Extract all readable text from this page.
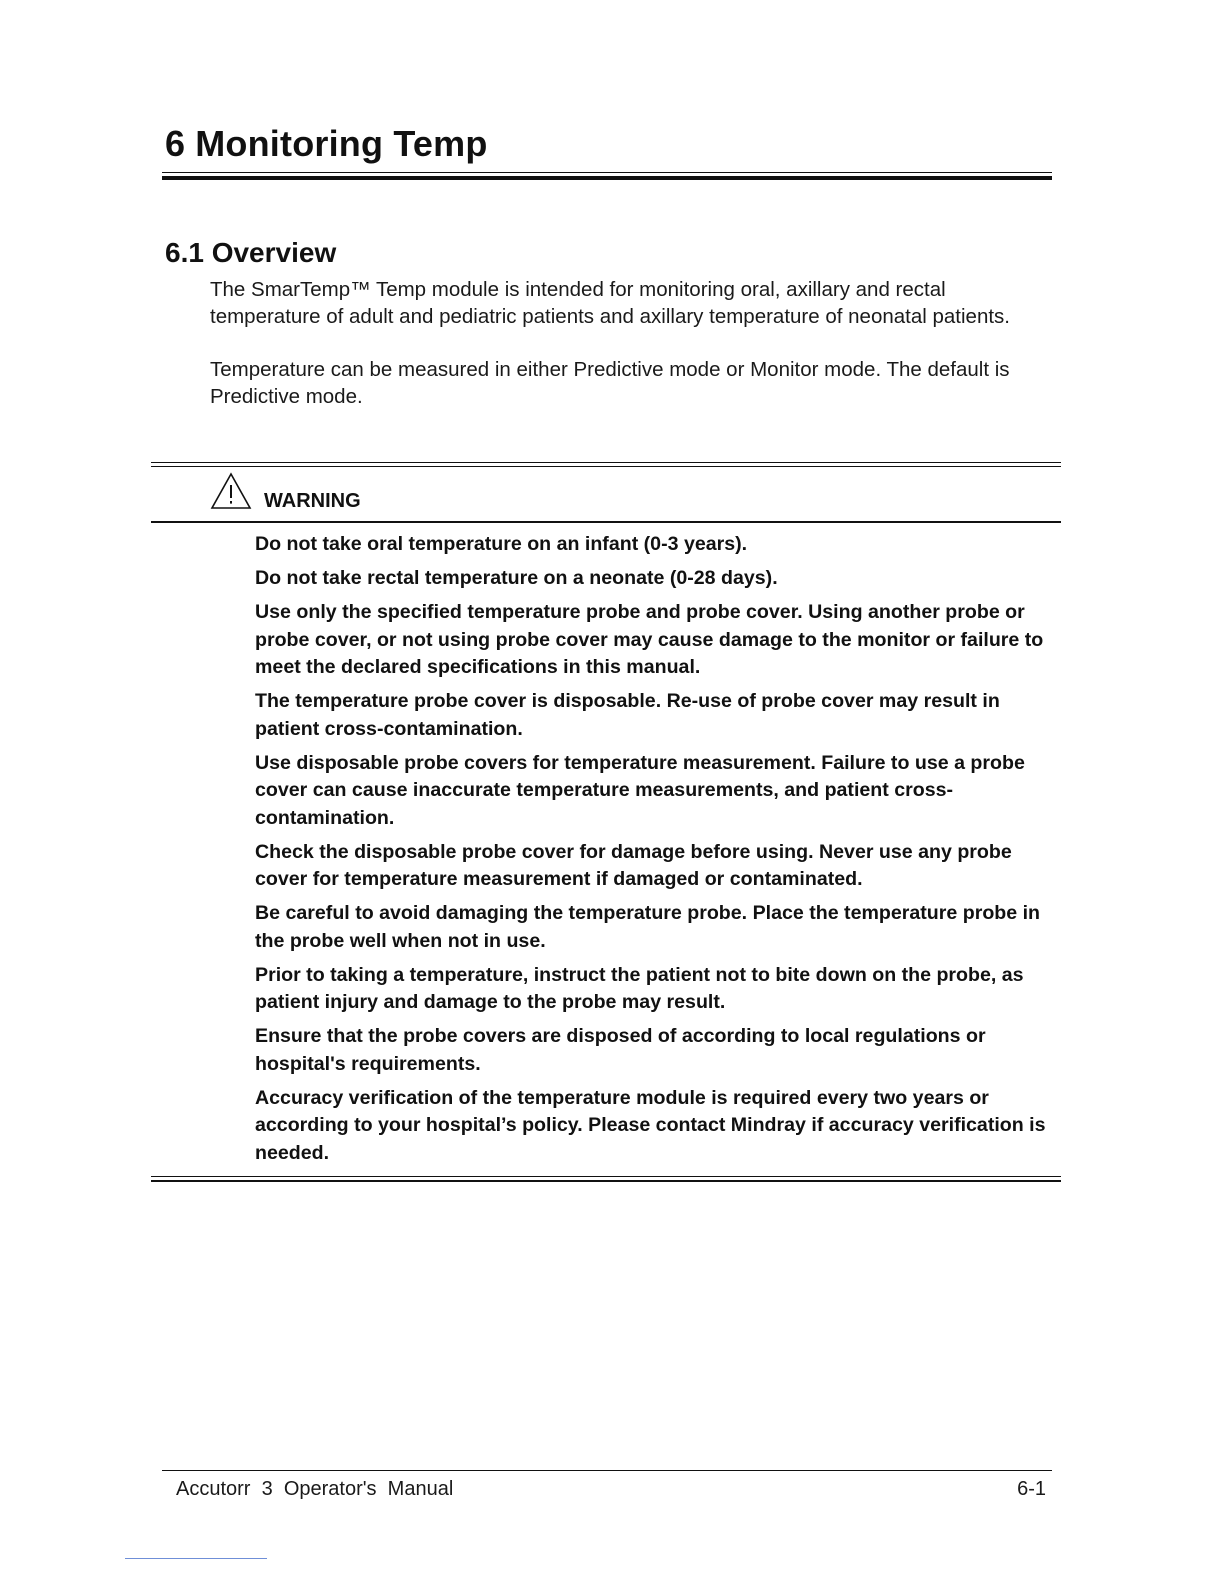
6 Monitoring Temp
6.1 Overview

The SmarTemp™ Temp module is intended for monitoring oral, axillary and rectal temperature of adult and pediatric patients and axillary temperature of neonatal patients.

Temperature can be measured in either Predictive mode or Monitor mode. The default is Predictive mode.

WARNING
Do not take oral temperature on an infant (0-3 years).
Do not take rectal temperature on a neonate (0-28 days).
Use only the specified temperature probe and probe cover. Using another probe or probe cover, or not using probe cover may cause damage to the monitor or failure to meet the declared specifications in this manual.
The temperature probe cover is disposable. Re-use of probe cover may result in patient cross-contamination.
Use disposable probe covers for temperature measurement. Failure to use a probe cover can cause inaccurate temperature measurements, and patient cross-contamination.
Check the disposable probe cover for damage before using. Never use any probe cover for temperature measurement if damaged or contaminated.
Be careful to avoid damaging the temperature probe. Place the temperature probe in the probe well when not in use.
Prior to taking a temperature, instruct the patient not to bite down on the probe, as patient injury and damage to the probe may result.
Ensure that the probe covers are disposed of according to local regulations or hospital's requirements.
Accuracy verification of the temperature module is required every two years or according to your hospital’s policy. Please contact Mindray if accuracy verification is needed.
Accutorr  3  Operator's  Manual	6-1
